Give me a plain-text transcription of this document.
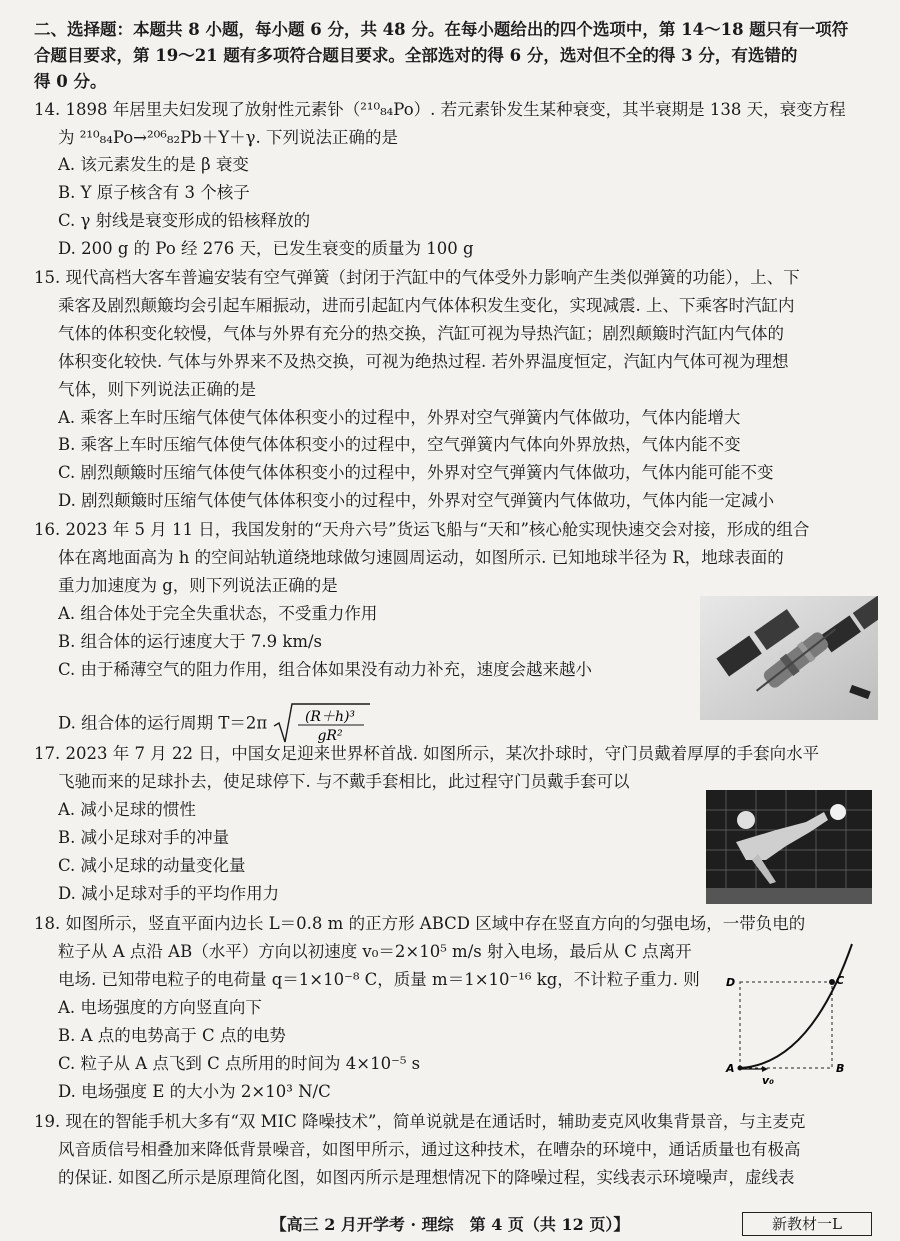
二、选择题：本题共 8 小题，每小题 6 分，共 48 分。在每小题给出的四个选项中，第 14～18 题只有一项符
合题目要求，第 19～21 题有多项符合题目要求。全部选对的得 6 分，选对但不全的得 3 分，有选错的
得 0 分。
14. 1898 年居里夫妇发现了放射性元素钋（²¹⁰₈₄Po）. 若元素钋发生某种衰变，其半衰期是 138 天，衰变方程
为 ²¹⁰₈₄Po→²⁰⁶₈₂Pb＋Y＋γ. 下列说法正确的是
A. 该元素发生的是 β 衰变
B. Y 原子核含有 3 个核子
C. γ 射线是衰变形成的铅核释放的
D. 200 g 的 Po 经 276 天，已发生衰变的质量为 100 g
15. 现代高档大客车普遍安装有空气弹簧（封闭于汽缸中的气体受外力影响产生类似弹簧的功能），上、下
乘客及剧烈颠簸均会引起车厢振动，进而引起缸内气体体积发生变化，实现减震. 上、下乘客时汽缸内
气体的体积变化较慢，气体与外界有充分的热交换，汽缸可视为导热汽缸；剧烈颠簸时汽缸内气体的
体积变化较快. 气体与外界来不及热交换，可视为绝热过程. 若外界温度恒定，汽缸内气体可视为理想
气体，则下列说法正确的是
A. 乘客上车时压缩气体使气体体积变小的过程中，外界对空气弹簧内气体做功，气体内能增大
B. 乘客上车时压缩气体使气体体积变小的过程中，空气弹簧内气体向外界放热，气体内能不变
C. 剧烈颠簸时压缩气体使气体体积变小的过程中，外界对空气弹簧内气体做功，气体内能可能不变
D. 剧烈颠簸时压缩气体使气体体积变小的过程中，外界对空气弹簧内气体做功，气体内能一定减小
16. 2023 年 5 月 11 日，我国发射的“天舟六号”货运飞船与“天和”核心舱实现快速交会对接，形成的组合
体在离地面高为 h 的空间站轨道绕地球做匀速圆周运动，如图所示. 已知地球半径为 R，地球表面的
重力加速度为 g，则下列说法正确的是
A. 组合体处于完全失重状态，不受重力作用
B. 组合体的运行速度大于 7.9 km/s
C. 由于稀薄空气的阻力作用，组合体如果没有动力补充，速度会越来越小
D. 组合体的运行周期 T＝2π	(R＋h)³
gR²
17. 2023 年 7 月 22 日，中国女足迎来世界杯首战. 如图所示，某次扑球时，守门员戴着厚厚的手套向水平
飞驰而来的足球扑去，使足球停下. 与不戴手套相比，此过程守门员戴手套可以
A. 减小足球的惯性
B. 减小足球对手的冲量
C. 减小足球的动量变化量
D. 减小足球对手的平均作用力
18. 如图所示，竖直平面内边长 L＝0.8 m 的正方形 ABCD 区域中存在竖直方向的匀强电场，一带负电的
粒子从 A 点沿 AB（水平）方向以初速度 v₀＝2×10⁵ m/s 射入电场，最后从 C 点离开
电场. 已知带电粒子的电荷量 q＝1×10⁻⁸ C，质量 m＝1×10⁻¹⁶ kg，不计粒子重力. 则
A. 电场强度的方向竖直向下
B. A 点的电势高于 C 点的电势
C. 粒子从 A 点飞到 C 点所用的时间为 4×10⁻⁵ s
D. 电场强度 E 的大小为 2×10³ N/C
D	C
A	B
v₀
19. 现在的智能手机大多有“双 MIC 降噪技术”，简单说就是在通话时，辅助麦克风收集背景音，与主麦克
风音质信号相叠加来降低背景噪音，如图甲所示，通过这种技术，在嘈杂的环境中，通话质量也有极高
的保证. 如图乙所示是原理简化图，如图丙所示是理想情况下的降噪过程，实线表示环境噪声，虚线表
【高三 2 月开学考 · 理综　第 4 页（共 12 页）】	新教材一L
